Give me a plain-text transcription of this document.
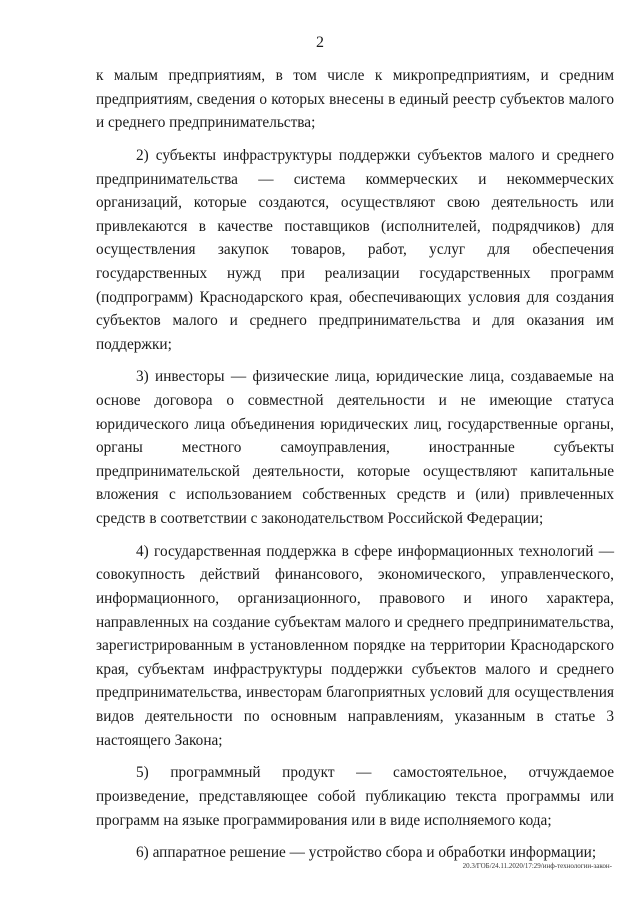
2

к малым предприятиям, в том числе к микропредприятиям, и средним предприятиям, сведения о которых внесены в единый реестр субъектов малого и среднего предпринимательства;

2) субъекты инфраструктуры поддержки субъектов малого и среднего предпринимательства — система коммерческих и некоммерческих организаций, которые создаются, осуществляют свою деятельность или привлекаются в качестве поставщиков (исполнителей, подрядчиков) для осуществления закупок товаров, работ, услуг для обеспечения государственных нужд при реализации государственных программ (подпрограмм) Краснодарского края, обеспечивающих условия для создания субъектов малого и среднего предпринимательства и для оказания им поддержки;

3) инвесторы — физические лица, юридические лица, создаваемые на основе договора о совместной деятельности и не имеющие статуса юридического лица объединения юридических лиц, государственные органы, органы местного самоуправления, иностранные субъекты предпринимательской деятельности, которые осуществляют капитальные вложения с использованием собственных средств и (или) привлеченных средств в соответствии с законодательством Российской Федерации;

4) государственная поддержка в сфере информационных технологий — совокупность действий финансового, экономического, управленческого, информационного, организационного, правового и иного характера, направленных на создание субъектам малого и среднего предпринимательства, зарегистрированным в установленном порядке на территории Краснодарского края, субъектам инфраструктуры поддержки субъектов малого и среднего предпринимательства, инвесторам благоприятных условий для осуществления видов деятельности по основным направлениям, указанным в статье 3 настоящего Закона;

5) программный продукт — самостоятельное, отчуждаемое произведение, представляющее собой публикацию текста программы или программ на языке программирования или в виде исполняемого кода;

6) аппаратное решение — устройство сбора и обработки информации;

20.3/ГОБ/24.11.2020/17:29/инф-технологии-закон-
